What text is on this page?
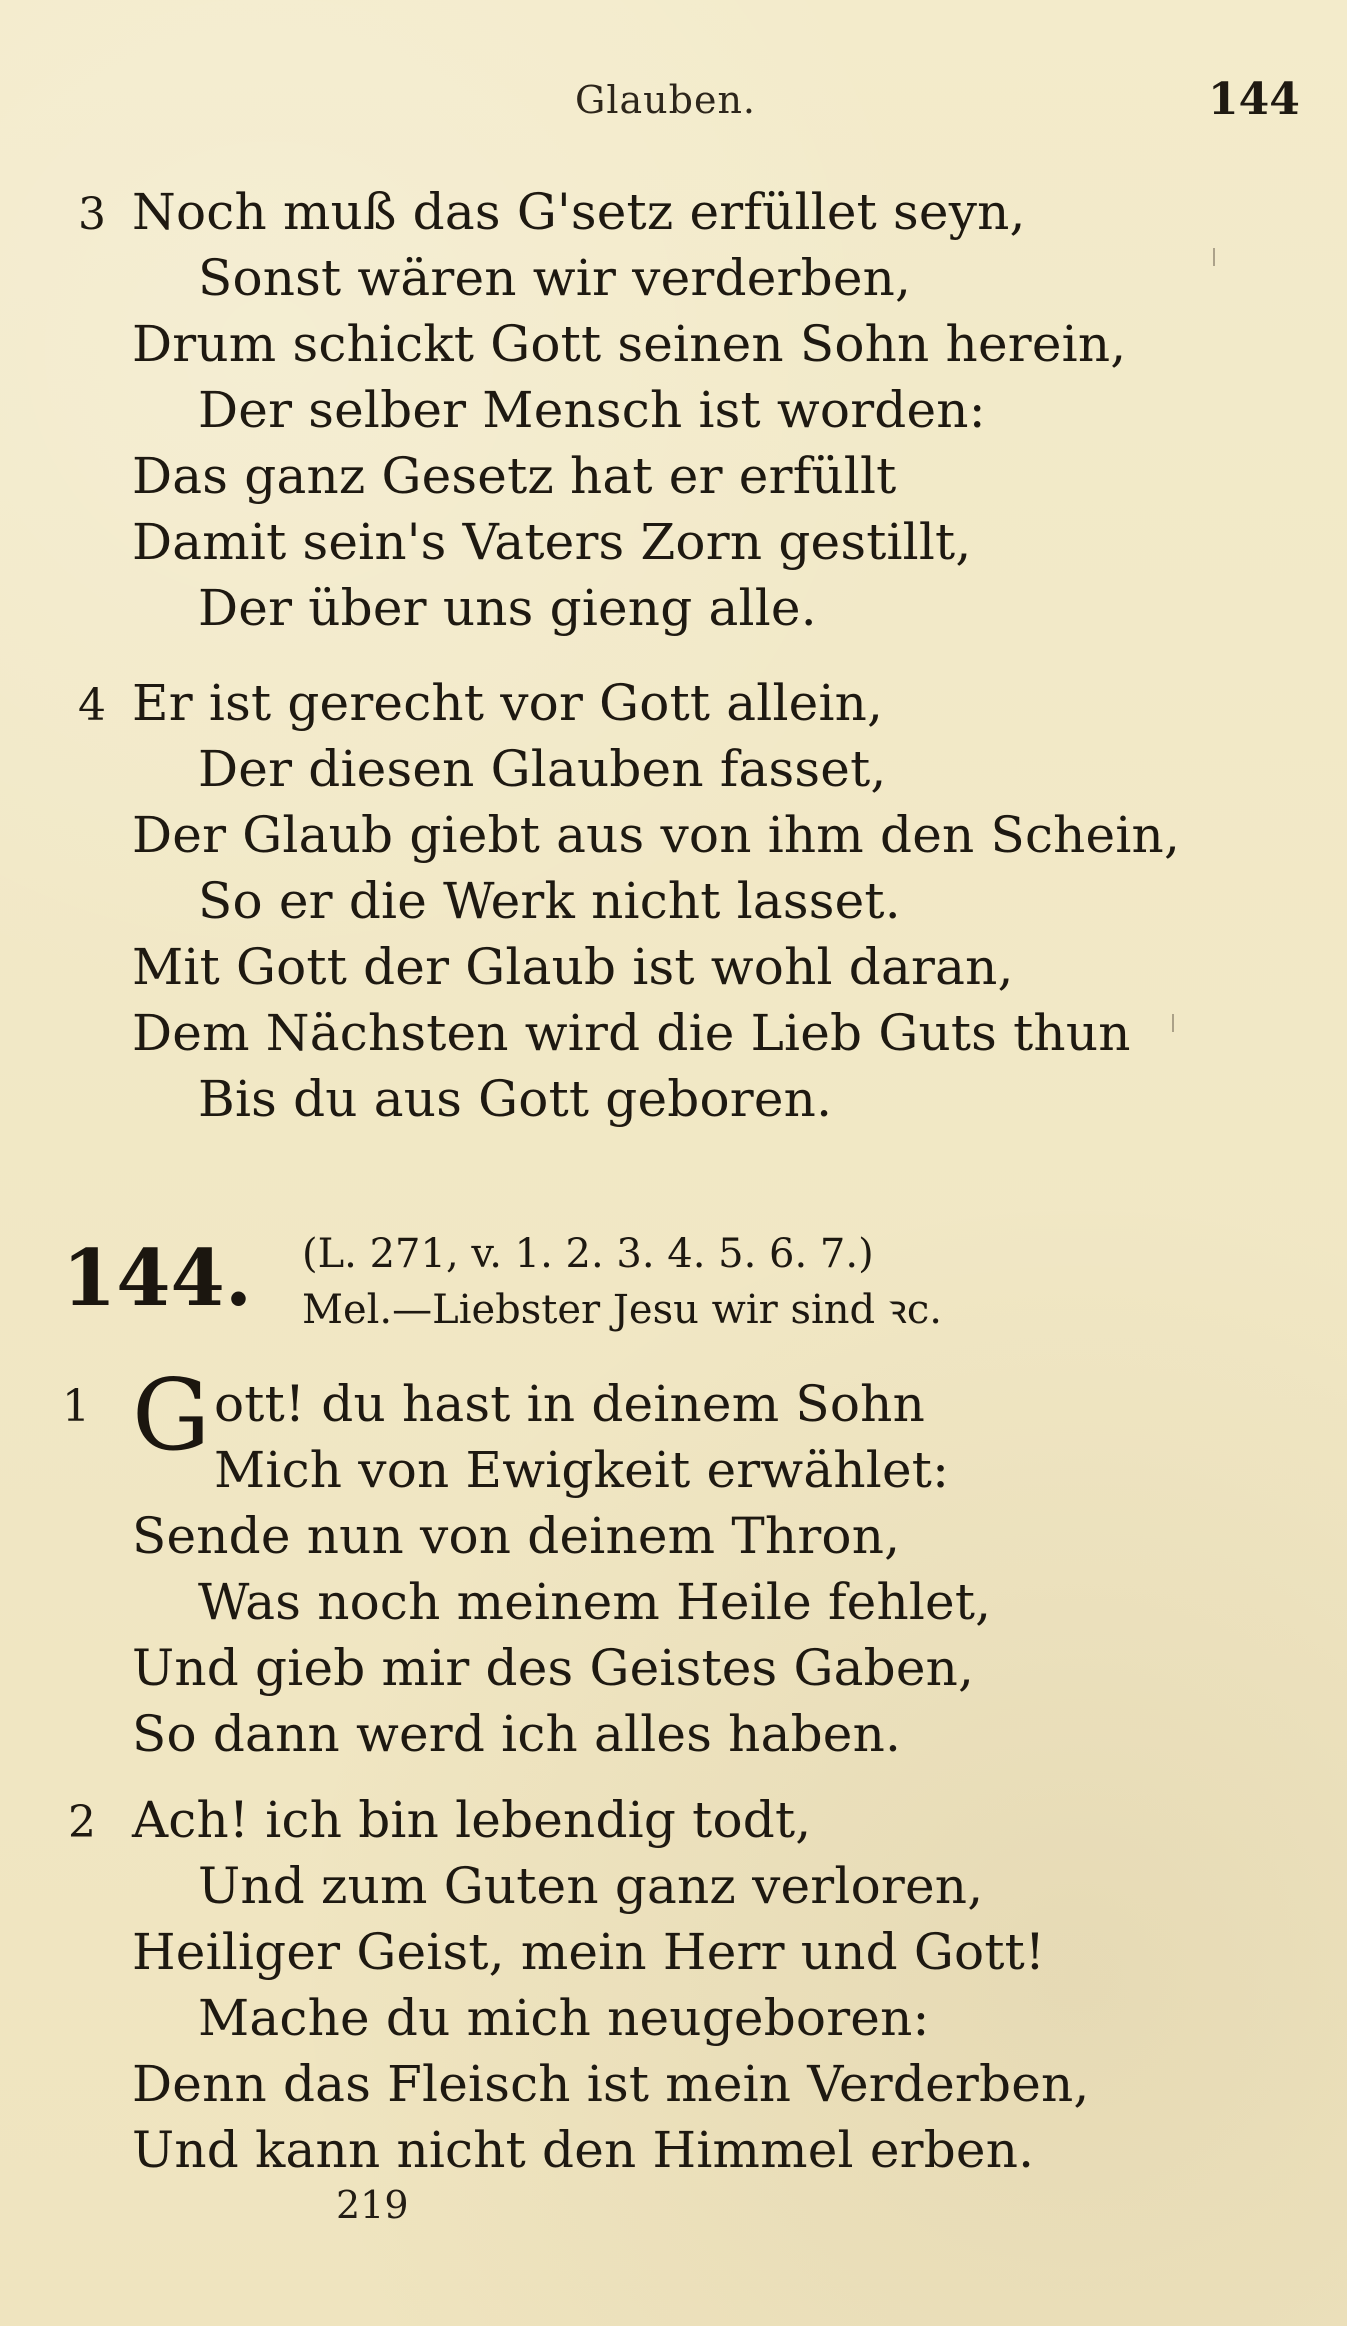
Glauben.	144
3 Noch muß das G'setz erfüllet seyn,
Sonst wären wir verderben,
Drum schickt Gott seinen Sohn herein,
Der selber Mensch ist worden:
Das ganz Gesetz hat er erfüllt
Damit sein's Vaters Zorn gestillt,
Der über uns gieng alle.
4 Er ist gerecht vor Gott allein,
Der diesen Glauben fasset,
Der Glaub giebt aus von ihm den Schein,
So er die Werk nicht lasset.
Mit Gott der Glaub ist wohl daran,
Dem Nächsten wird die Lieb Guts thun
Bis du aus Gott geboren.
144. (L. 271, v. 1. 2. 3. 4. 5. 6. 7.)
Mel.—Liebster Jesu wir sind ꝛc.
1 G ott! du hast in deinem Sohn
Mich von Ewigkeit erwählet:
Sende nun von deinem Thron,
Was noch meinem Heile fehlet,
Und gieb mir des Geistes Gaben,
So dann werd ich alles haben.
2 Ach! ich bin lebendig todt,
Und zum Guten ganz verloren,
Heiliger Geist, mein Herr und Gott!
Mache du mich neugeboren:
Denn das Fleisch ist mein Verderben,
Und kann nicht den Himmel erben.
219
